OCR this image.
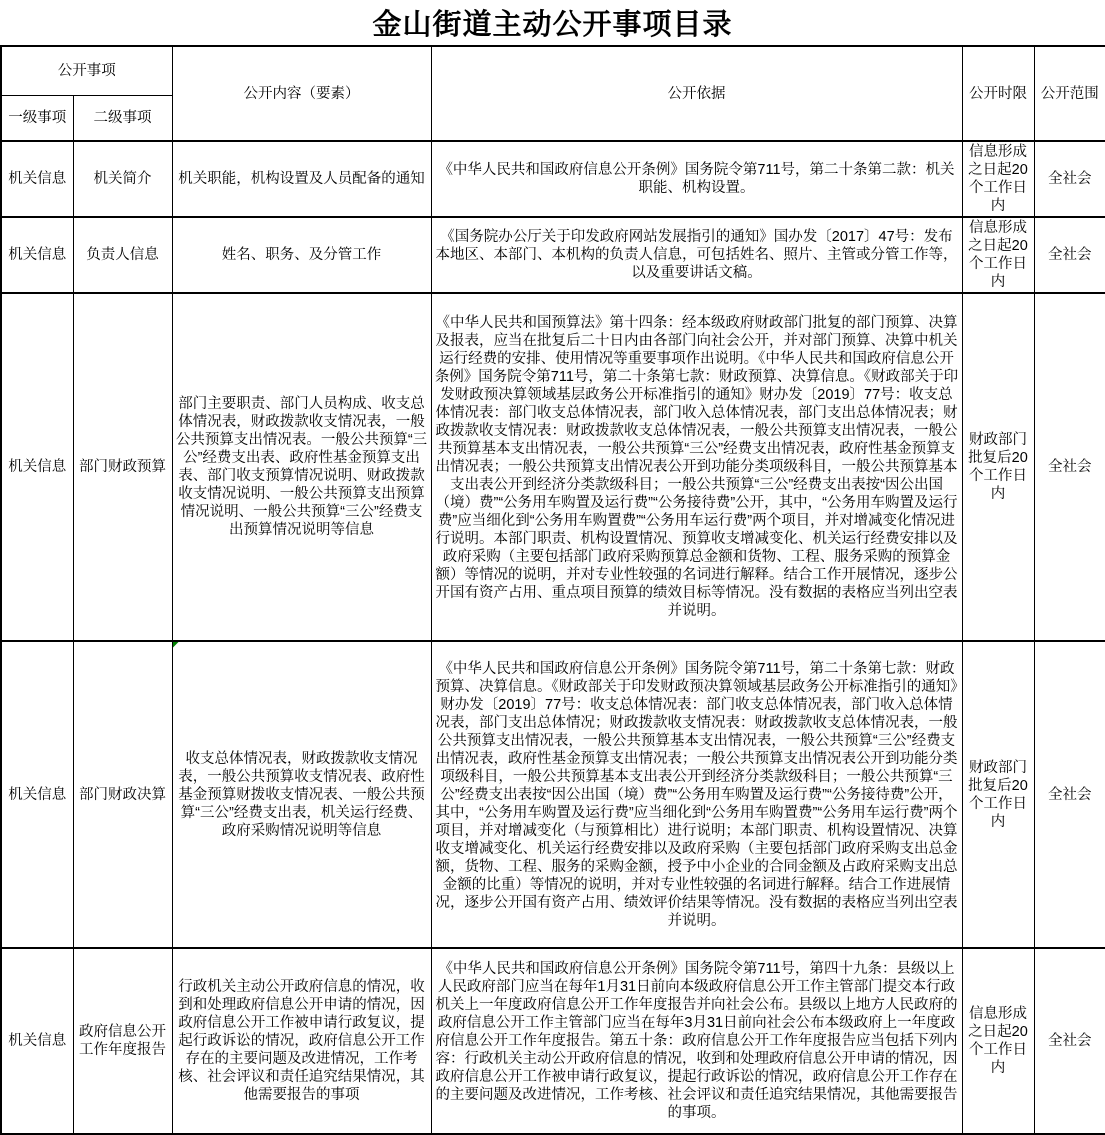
金山街道主动公开事项目录
公开事项		公开内容（要素）	公开依据	公开时限	公开范围
一级事项	二级事项				
机关信息	机关简介	机关职能，机构设置及人员配备的通知	《中华人民共和国政府信息公开条例》国务院令第711号，第二十条第二款：机关职能、机构设置。	信息形成之日起20个工作日内	全社会
机关信息	负责人信息	姓名、职务、及分管工作	《国务院办公厅关于印发政府网站发展指引的通知》国办发〔2017〕47号：发布本地区、本部门、本机构的负责人信息，可包括姓名、照片、主管或分管工作等，以及重要讲话文稿。	信息形成之日起20个工作日内	全社会
机关信息	部门财政预算	部门主要职责、部门人员构成、收支总体情况表，财政拨款收支情况表，一般公共预算支出情况表。一般公共预算“三公”经费支出表、政府性基金预算支出表、部门收支预算情况说明、财政拨款收支情况说明、一般公共预算支出预算情况说明、一般公共预算“三公”经费支出预算情况说明等信息	《中华人民共和国预算法》第十四条：经本级政府财政部门批复的部门预算、决算及报表，应当在批复后二十日内由各部门向社会公开，并对部门预算、决算中机关运行经费的安排、使用情况等重要事项作出说明。《中华人民共和国政府信息公开条例》国务院令第711号，第二十条第七款：财政预算、决算信息。《财政部关于印发财政预决算领域基层政务公开标准指引的通知》财办发〔2019〕77号：收支总体情况表：部门收支总体情况表，部门收入总体情况表，部门支出总体情况表；财政拨款收支情况表：财政拨款收支总体情况表，一般公共预算支出情况表，一般公共预算基本支出情况表，一般公共预算“三公”经费支出情况表，政府性基金预算支出情况表；一般公共预算支出情况表公开到功能分类项级科目，一般公共预算基本支出表公开到经济分类款级科目；一般公共预算“三公”经费支出表按“因公出国（境）费”“公务用车购置及运行费”“公务接待费”公开，其中，“公务用车购置及运行费”应当细化到“公务用车购置费”“公务用车运行费”两个项目，并对增减变化情况进行说明。本部门职责、机构设置情况、预算收支增减变化、机关运行经费安排以及政府采购（主要包括部门政府采购预算总金额和货物、工程、服务采购的预算金额）等情况的说明，并对专业性较强的名词进行解释。结合工作开展情况，逐步公开国有资产占用、重点项目预算的绩效目标等情况。没有数据的表格应当列出空表并说明。	财政部门批复后20个工作日内	全社会
机关信息	部门财政决算	收支总体情况表，财政拨款收支情况表，一般公共预算收支情况表、政府性基金预算财拨收支情况表、一般公共预算“三公”经费支出表，机关运行经费、政府采购情况说明等信息	《中华人民共和国政府信息公开条例》国务院令第711号，第二十条第七款：财政预算、决算信息。《财政部关于印发财政预决算领域基层政务公开标准指引的通知》财办发〔2019〕77号：收支总体情况表：部门收支总体情况表，部门收入总体情况表，部门支出总体情况；财政拨款收支情况表：财政拨款收支总体情况表，一般公共预算支出情况表，一般公共预算基本支出情况表，一般公共预算“三公”经费支出情况表，政府性基金预算支出情况表；一般公共预算支出情况表公开到功能分类项级科目，一般公共预算基本支出表公开到经济分类款级科目；一般公共预算“三公”经费支出表按“因公出国（境）费”“公务用车购置及运行费”“公务接待费”公开，其中，“公务用车购置及运行费”应当细化到“公务用车购置费”“公务用车运行费”两个项目，并对增减变化（与预算相比）进行说明；本部门职责、机构设置情况、决算收支增减变化、机关运行经费安排以及政府采购（主要包括部门政府采购支出总金额，货物、工程、服务的采购金额，授予中小企业的合同金额及占政府采购支出总金额的比重）等情况的说明，并对专业性较强的名词进行解释。结合工作进展情况，逐步公开国有资产占用、绩效评价结果等情况。没有数据的表格应当列出空表并说明。	财政部门批复后20个工作日内	全社会
机关信息	政府信息公开工作年度报告	行政机关主动公开政府信息的情况，收到和处理政府信息公开申请的情况，因政府信息公开工作被申请行政复议，提起行政诉讼的情况，政府信息公开工作存在的主要问题及改进情况，工作考核、社会评议和责任追究结果情况，其他需要报告的事项	《中华人民共和国政府信息公开条例》国务院令第711号，第四十九条：县级以上人民政府部门应当在每年1月31日前向本级政府信息公开工作主管部门提交本行政机关上一年度政府信息公开工作年度报告并向社会公布。县级以上地方人民政府的政府信息公开工作主管部门应当在每年3月31日前向社会公布本级政府上一年度政府信息公开工作年度报告。第五十条：政府信息公开工作年度报告应当包括下列内容：行政机关主动公开政府信息的情况，收到和处理政府信息公开申请的情况，因政府信息公开工作被申请行政复议，提起行政诉讼的情况，政府信息公开工作存在的主要问题及改进情况，工作考核、社会评议和责任追究结果情况，其他需要报告的事项。	信息形成之日起20个工作日内	全社会
